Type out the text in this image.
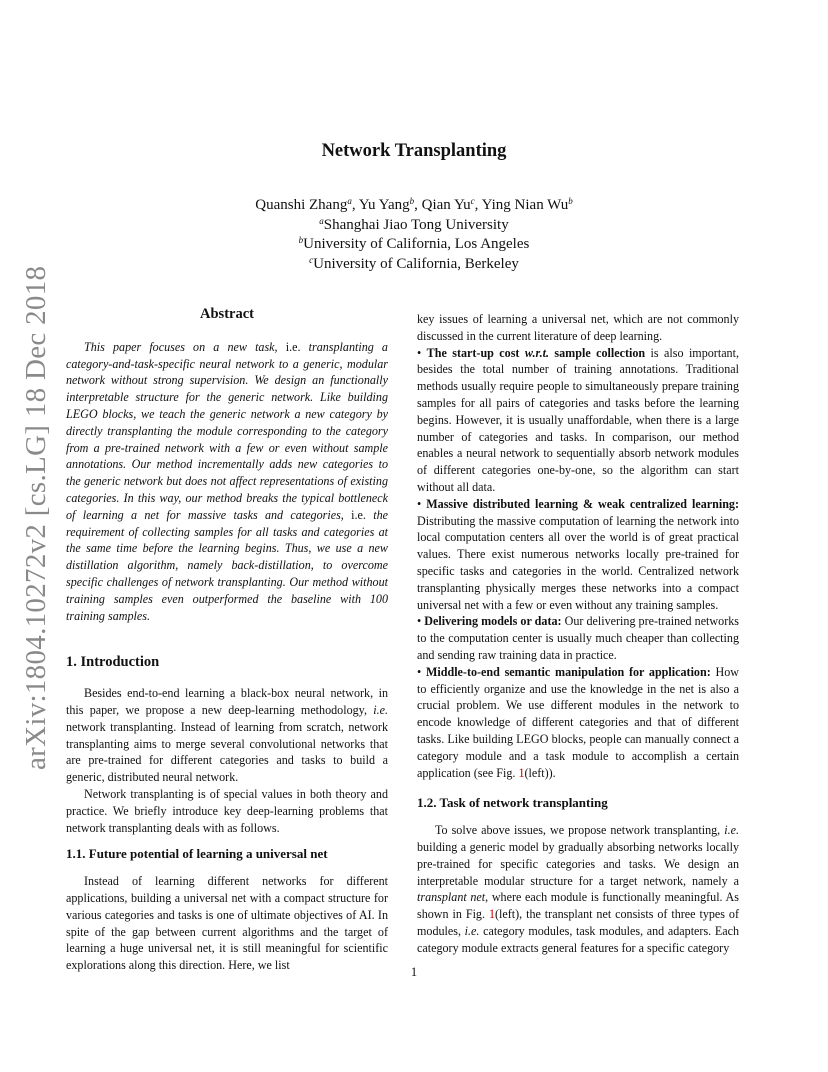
arXiv:1804.10272v2 [cs.LG] 18 Dec 2018
Network Transplanting
Quanshi Zhang$^a$, Yu Yang$^b$, Qian Yu$^c$, Ying Nian Wu$^b$
$^a$Shanghai Jiao Tong University
$^b$University of California, Los Angeles
$^c$University of California, Berkeley
Abstract

This paper focuses on a new task, i.e. transplanting a category-and-task-specific neural network to a generic, modular network without strong supervision. We design an functionally interpretable structure for the generic network. Like building LEGO blocks, we teach the generic network a new category by directly transplanting the module corresponding to the category from a pre-trained network with a few or even without sample annotations. Our method incrementally adds new categories to the generic network but does not affect representations of existing categories. In this way, our method breaks the typical bottleneck of learning a net for massive tasks and categories, i.e. the requirement of collecting samples for all tasks and categories at the same time before the learning begins. Thus, we use a new distillation algorithm, namely back-distillation, to overcome specific challenges of network transplanting. Our method without training samples even outperformed the baseline with 100 training samples.

1. Introduction

Besides end-to-end learning a black-box neural network, in this paper, we propose a new deep-learning methodology, i.e. network transplanting. Instead of learning from scratch, network transplanting aims to merge several convolutional networks that are pre-trained for different categories and tasks to build a generic, distributed neural network.

Network transplanting is of special values in both theory and practice. We briefly introduce key deep-learning problems that network transplanting deals with as follows.

1.1. Future potential of learning a universal net

Instead of learning different networks for different applications, building a universal net with a compact structure for various categories and tasks is one of ultimate objectives of AI. In spite of the gap between current algorithms and the target of learning a huge universal net, it is still meaningful for scientific explorations along this direction. Here, we list

key issues of learning a universal net, which are not commonly discussed in the current literature of deep learning.

• The start-up cost w.r.t. sample collection is also important, besides the total number of training annotations. Traditional methods usually require people to simultaneously prepare training samples for all pairs of categories and tasks before the learning begins. However, it is usually unaffordable, when there is a large number of categories and tasks. In comparison, our method enables a neural network to sequentially absorb network modules of different categories one-by-one, so the algorithm can start without all data.

• Massive distributed learning & weak centralized learning: Distributing the massive computation of learning the network into local computation centers all over the world is of great practical values. There exist numerous networks locally pre-trained for specific tasks and categories in the world. Centralized network transplanting physically merges these networks into a compact universal net with a few or even without any training samples.

• Delivering models or data: Our delivering pre-trained networks to the computation center is usually much cheaper than collecting and sending raw training data in practice.

• Middle-to-end semantic manipulation for application: How to efficiently organize and use the knowledge in the net is also a crucial problem. We use different modules in the network to encode knowledge of different categories and that of different tasks. Like building LEGO blocks, people can manually connect a category module and a task module to accomplish a certain application (see Fig. 1(left)).

1.2. Task of network transplanting

To solve above issues, we propose network transplanting, i.e. building a generic model by gradually absorbing networks locally pre-trained for specific categories and tasks. We design an interpretable modular structure for a target network, namely a transplant net, where each module is functionally meaningful. As shown in Fig. 1(left), the transplant net consists of three types of modules, i.e. category modules, task modules, and adapters. Each category module extracts general features for a specific category

1
